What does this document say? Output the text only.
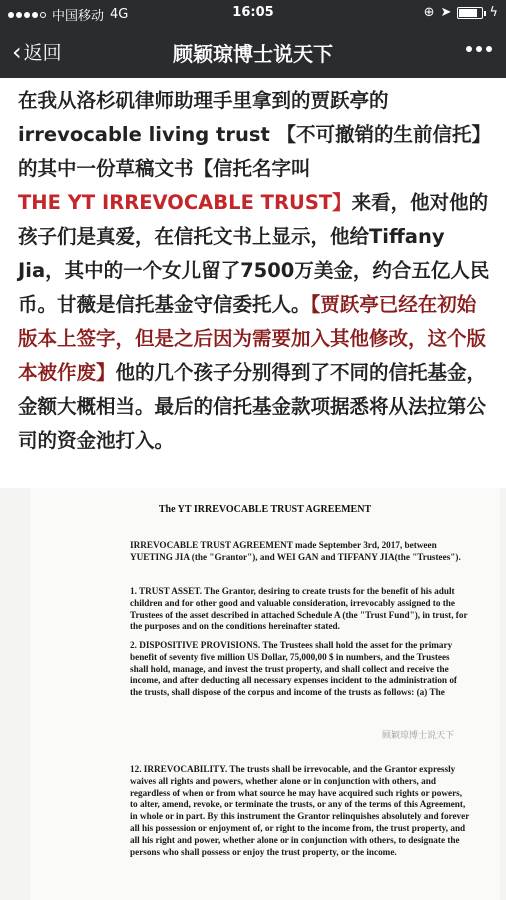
中国移动 4G	16:05	⊕ ➤	ϟ
‹ 返回	顾颖琼博士说天下
在我从洛杉矶律师助理手里拿到的贾跃亭的irrevocable living trust 【不可撤销的生前信托】的其中一份草稿文书【信托名字叫
THE YT IRREVOCABLE TRUST】来看，他对他的孩子们是真爱，在信托文书上显示，他给Tiffany Jia，其中的一个女儿留了7500万美金，约合五亿人民币。甘薇是信托基金守信委托人。【贾跃亭已经在初始版本上签字，但是之后因为需要加入其他修改，这个版本被作废】他的几个孩子分别得到了不同的信托基金，金额大概相当。最后的信托基金款项据悉将从法拉第公司的资金池打入。
The YT IRREVOCABLE TRUST AGREEMENT
IRREVOCABLE TRUST AGREEMENT made September 3rd, 2017, between YUETING JIA (the "Grantor"), and WEI GAN and TIFFANY JIA(the "Trustees").
1. TRUST ASSET. The Grantor, desiring to create trusts for the benefit of his adult children and for other good and valuable consideration, irrevocably assigned to the Trustees of the asset described in attached Schedule A (the "Trust Fund"), in trust, for the purposes and on the conditions hereinafter stated.
2. DISPOSITIVE PROVISIONS. The Trustees shall hold the asset for the primary benefit of seventy five million US Dollar, 75,000,00 $ in numbers, and the Trustees shall hold, manage, and invest the trust property, and shall collect and receive the income, and after deducting all necessary expenses incident to the administration of the trusts, shall dispose of the corpus and income of the trusts as follows: (a) The
12. IRREVOCABILITY. The trusts shall be irrevocable, and the Grantor expressly waives all rights and powers, whether alone or in conjunction with others, and regardless of when or from what source he may have acquired such rights or powers, to alter, amend, revoke, or terminate the trusts, or any of the terms of this Agreement, in whole or in part. By this instrument the Grantor relinquishes absolutely and forever all his possession or enjoyment of, or right to the income from, the trust property, and all his right and power, whether alone or in conjunction with others, to designate the persons who shall possess or enjoy the trust property, or the income.
顾颖琼博士说天下
